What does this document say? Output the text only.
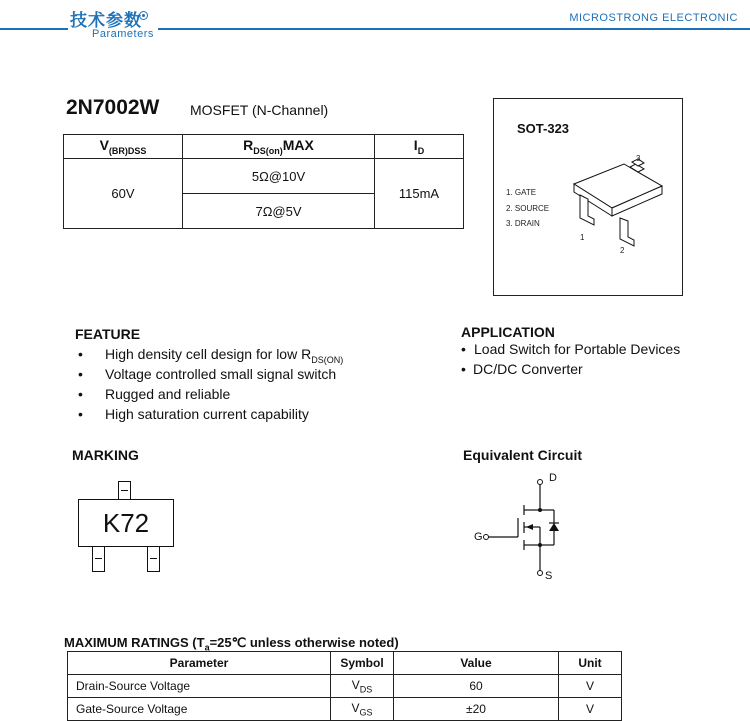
技术参数
Parameters
MICROSTRONG ELECTRONIC
2N7002W MOSFET (N-Channel)
$V_{(BR)DSS}$	$R_{DS(on)}MAX$	$I_D$
60V	5Ω@10V	115mA
	7Ω@5V	
SOT-323
1. GATE
2. SOURCE
3. DRAIN
1
2
3
FEATURE
• High density cell design for low $R_{DS(ON)}$
• Voltage controlled small signal switch
• Rugged and reliable
• High saturation current capability
APPLICATION
• Load Switch for Portable Devices
• DC/DC Converter
MARKING
K72
Equivalent Circuit
D
G
S
MAXIMUM RATINGS ($T_a=25℃$ unless otherwise noted)
Parameter	Symbol	Value	Unit
Drain-Source Voltage	$V_{DS}$	60	V
Gate-Source Voltage	$V_{GS}$	±20	V
